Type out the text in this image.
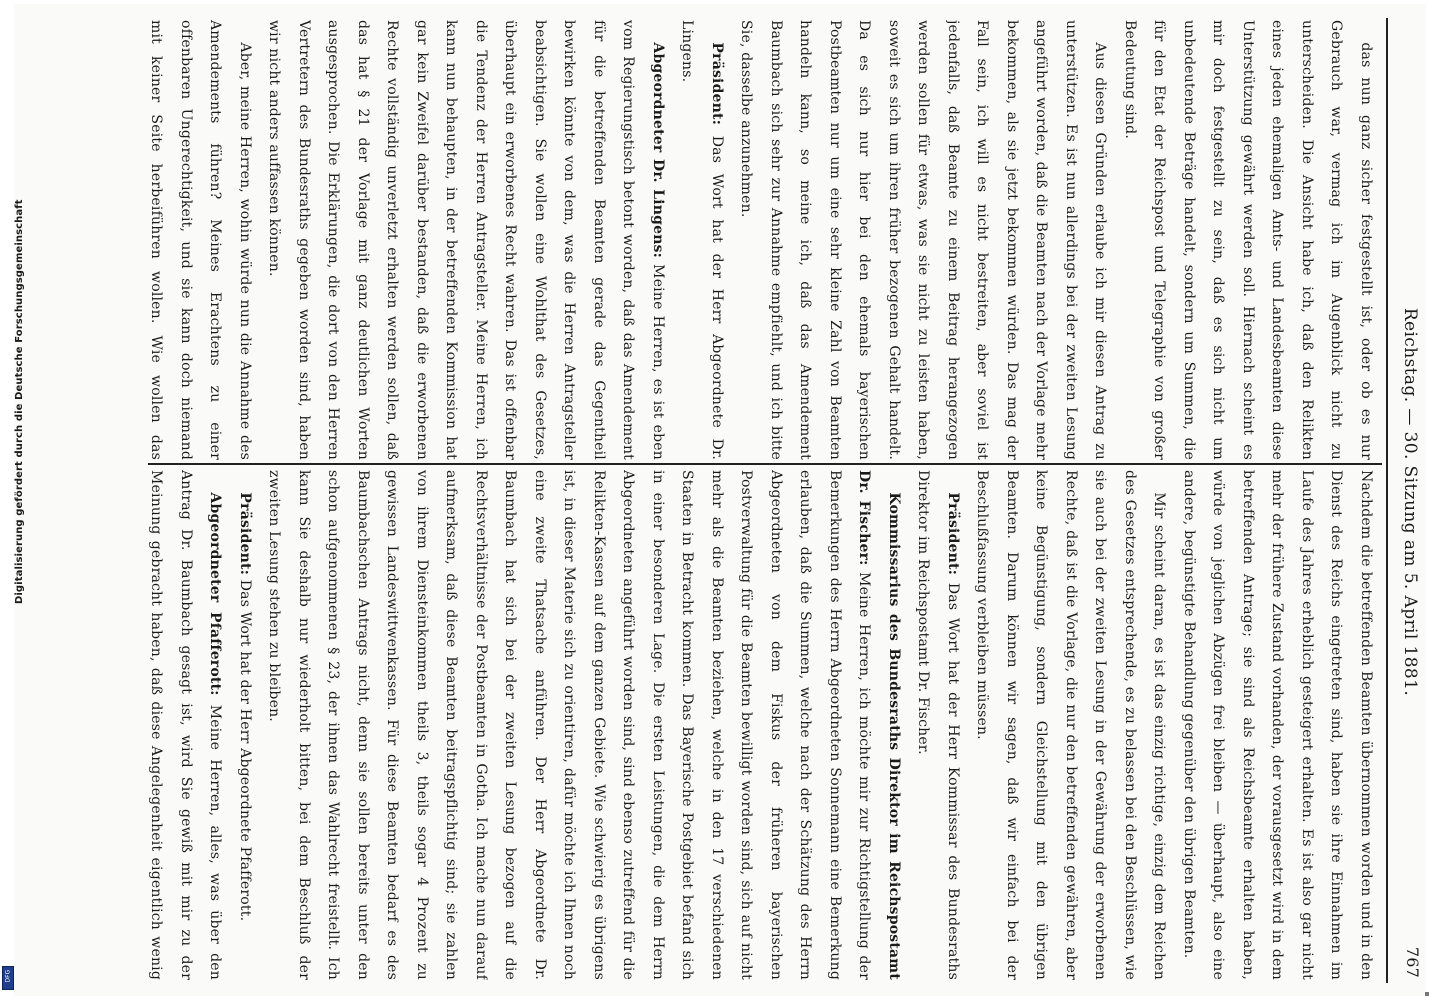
Reichstag. — 30. Sitzung am 5. April 1881.
767

das nun ganz sicher festgestellt ist, oder ob es nur Gebrauch war, vermag ich im Augenblick nicht zu unterscheiden. Die Ansicht habe ich, daß den Relikten eines jeden ehemaligen Amts- und Landesbeamten diese Unterstützung gewährt werden soll. Hiernach scheint es mir doch festgestellt zu sein, daß es sich nicht um unbedeutende Beträge handelt, sondern um Summen, die für den Etat der Reichspost und Telegraphie von großer Bedeutung sind.

Aus diesen Gründen erlaube ich mir diesen Antrag zu unterstützen. Es ist nun allerdings bei der zweiten Lesung angeführt worden, daß die Beamten nach der Vorlage mehr bekommen, als sie jetzt bekommen würden. Das mag der Fall sein, ich will es nicht bestreiten, aber soviel ist jedenfalls, daß Beamte zu einem Beitrag herangezogen werden sollen für etwas, was sie nicht zu leisten haben, soweit es sich um ihren früher bezogenen Gehalt handelt. Da es sich nur hier bei den ehemals bayerischen Postbeamten nur um eine sehr kleine Zahl von Beamten handeln kann, so meine ich, daß das Amendement Baumbach sich sehr zur Annahme empfiehlt, und ich bitte Sie, dasselbe anzunehmen.

Präsident: Das Wort hat der Herr Abgeordnete Dr. Lingens.

Abgeordneter Dr. Lingens: Meine Herren, es ist eben vom Regierungstisch betont worden, daß das Amendement für die betreffenden Beamten gerade das Gegentheil bewirken könnte von dem, was die Herren Antragsteller beabsichtigen. Sie wollen eine Wohlthat des Gesetzes, überhaupt ein erworbenes Recht wahren. Das ist offenbar die Tendenz der Herren Antragsteller. Meine Herren, ich kann nun behaupten, in der betreffenden Kommission hat gar kein Zweifel darüber bestanden, daß die erworbenen Rechte vollständig unverletzt erhalten werden sollen, daß das hat § 21 der Vorlage mit ganz deutlichen Worten ausgesprochen. Die Erklärungen, die dort von den Herren Vertretern des Bundesraths gegeben worden sind, haben wir nicht anders auffassen können.

Aber, meine Herren, wohin würde nun die Annahme des Amendements führen? Meines Erachtens zu einer offenbaren Ungerechtigkeit, und sie kann doch niemand mit keiner Seite herbeiführen wollen. Wie wollen das

Nachdem die betreffenden Beamten übernommen worden und in den Dienst des Reichs eingetreten sind, haben sie ihre Einnahmen im Laufe des Jahres erheblich gesteigert erhalten. Es ist also gar nicht mehr der frühere Zustand vorhanden, der vorausgesetzt wird in dem betreffenden Antrage; sie sind als Reichsbeamte erhalten haben, würde von jeglichen Abzügen frei bleiben — überhaupt, also eine andere, begünstigte Behandlung gegenüber den übrigen Beamten.

Mir scheint daran, es ist das einzig richtige, einzig dem Reichen des Gesetzes entsprechende, es zu belassen bei den Beschlüssen, wie sie auch bei der zweiten Lesung in der Gewährung der erworbenen Rechte, daß ist die Vorlage, die nur den betreffenden gewähren, aber keine Begünstigung, sondern Gleichstellung mit den übrigen Beamten. Darum können wir sagen, daß wir einfach bei der Beschlußfassung verbleiben müssen.

Präsident: Das Wort hat der Herr Kommissar des Bundesraths Direktor im Reichspostamt Dr. Fischer.

Kommissarius des Bundesraths Direktor im Reichspostamt Dr. Fischer: Meine Herren, ich möchte mir zur Richtigstellung der Bemerkungen des Herrn Abgeordneten Sonnemann eine Bemerkung erlauben, daß die Summen, welche nach der Schätzung des Herrn Abgeordneten von dem Fiskus der früheren bayerischen Postverwaltung für die Beamten bewilligt worden sind, sich auf nicht mehr als die Beamten beziehen, welche in den 17 verschiedenen Staaten in Betracht kommen. Das Bayerische Postgebiet befand sich in einer besonderen Lage. Die ersten Leistungen, die dem Herrn Abgeordneten angeführt worden sind, sind ebenso zutreffend für die Relikten-Kassen auf dem ganzen Gebiete. Wie schwierig es übrigens ist, in dieser Materie sich zu orientiren, dafür möchte ich Ihnen noch eine zweite Thatsache anführen. Der Herr Abgeordnete Dr. Baumbach hat sich bei der zweiten Lesung bezogen auf die Rechtsverhältnisse der Postbeamten in Gotha. Ich mache nun darauf aufmerksam, daß diese Beamten beitragspflichtig sind; sie zahlen von ihrem Diensteinkommen theils 3, theils sogar 4 Prozent zu gewissen Landeswittwenkassen. Für diese Beamten bedarf es des Baumbachschen Antrags nicht, denn sie sollen bereits unter den schon aufgenommenen § 23, der ihnen das Wahlrecht freistellt. Ich kann Sie deshalb nur wiederholt bitten, bei dem Beschluß der zweiten Lesung stehen zu bleiben.

Präsident: Das Wort hat der Herr Abgeordnete Pfafferott.

Abgeordneter Pfafferott: Meine Herren, alles, was über den Antrag Dr. Baumbach gesagt ist, wird Sie gewiß mit mir zu der Meinung gebracht haben, daß diese Angelegenheit eigentlich wenig

Digitalisierung gefördert durch die Deutsche Forschungsgemeinschaft
DFG
